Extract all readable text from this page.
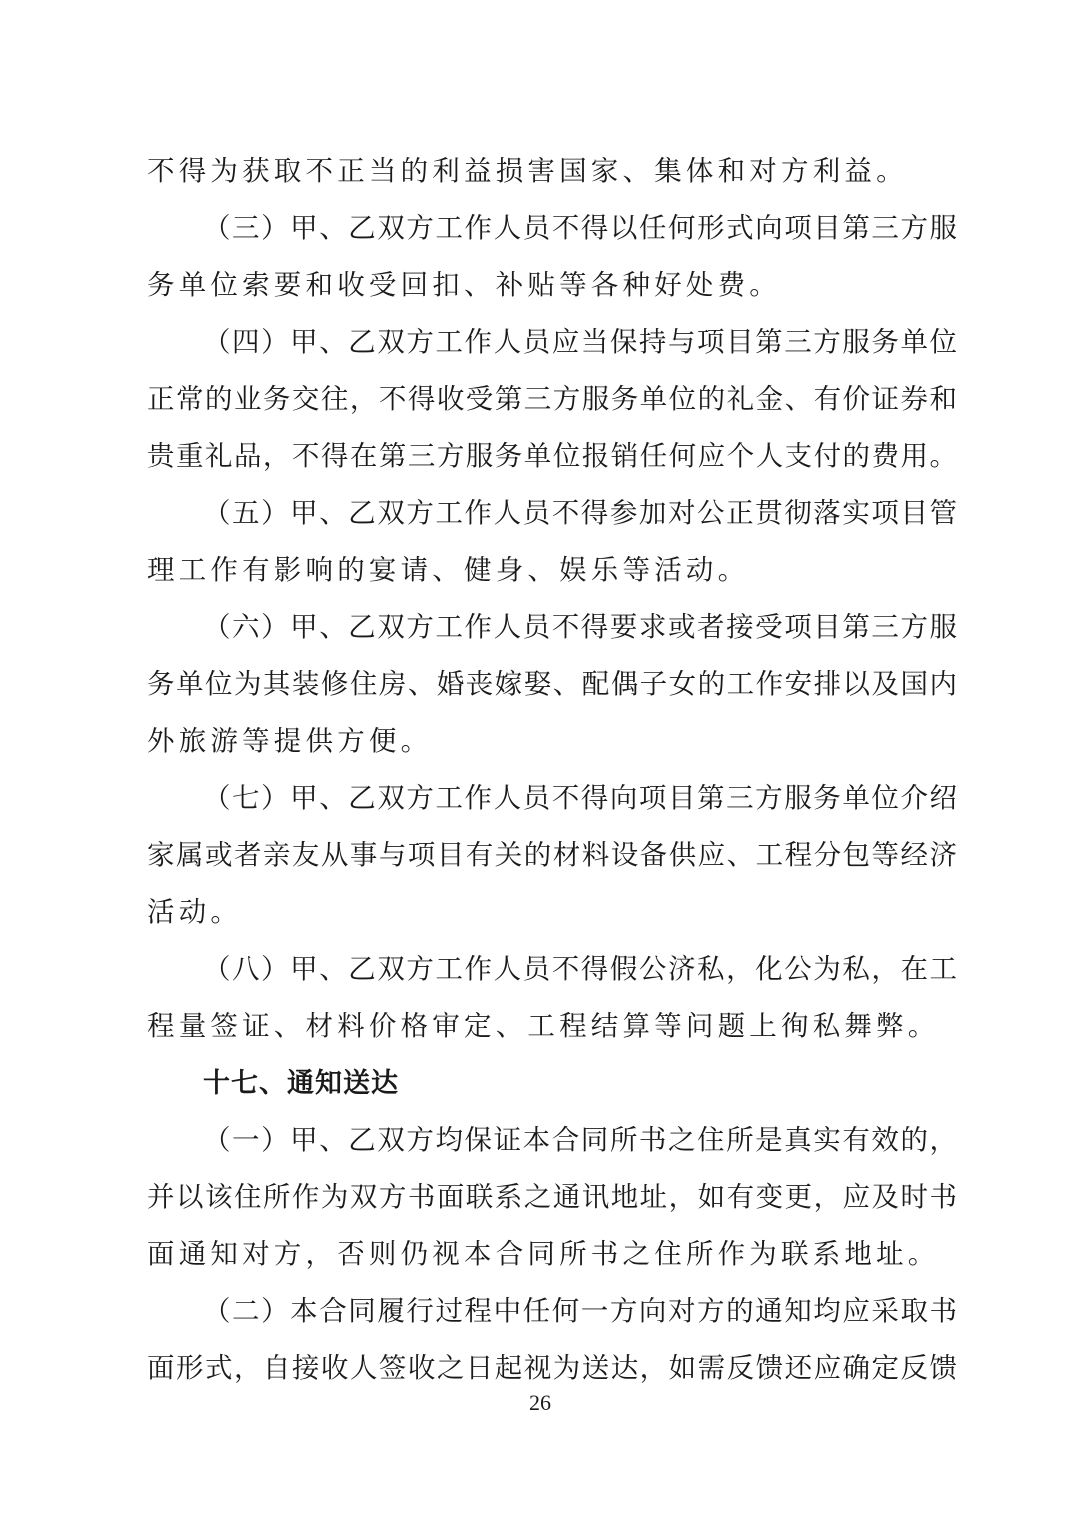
不得为获取不正当的利益损害国家、集体和对方利益。
（三）甲、乙双方工作人员不得以任何形式向项目第三方服
务单位索要和收受回扣、补贴等各种好处费。
（四）甲、乙双方工作人员应当保持与项目第三方服务单位
正常的业务交往，不得收受第三方服务单位的礼金、有价证券和
贵重礼品，不得在第三方服务单位报销任何应个人支付的费用。
（五）甲、乙双方工作人员不得参加对公正贯彻落实项目管
理工作有影响的宴请、健身、娱乐等活动。
（六）甲、乙双方工作人员不得要求或者接受项目第三方服
务单位为其装修住房、婚丧嫁娶、配偶子女的工作安排以及国内
外旅游等提供方便。
（七）甲、乙双方工作人员不得向项目第三方服务单位介绍
家属或者亲友从事与项目有关的材料设备供应、工程分包等经济
活动。
（八）甲、乙双方工作人员不得假公济私，化公为私，在工
程量签证、材料价格审定、工程结算等问题上徇私舞弊。
十七、通知送达
（一）甲、乙双方均保证本合同所书之住所是真实有效的，
并以该住所作为双方书面联系之通讯地址，如有变更，应及时书
面通知对方，否则仍视本合同所书之住所作为联系地址。
（二）本合同履行过程中任何一方向对方的通知均应采取书
面形式，自接收人签收之日起视为送达，如需反馈还应确定反馈
26
